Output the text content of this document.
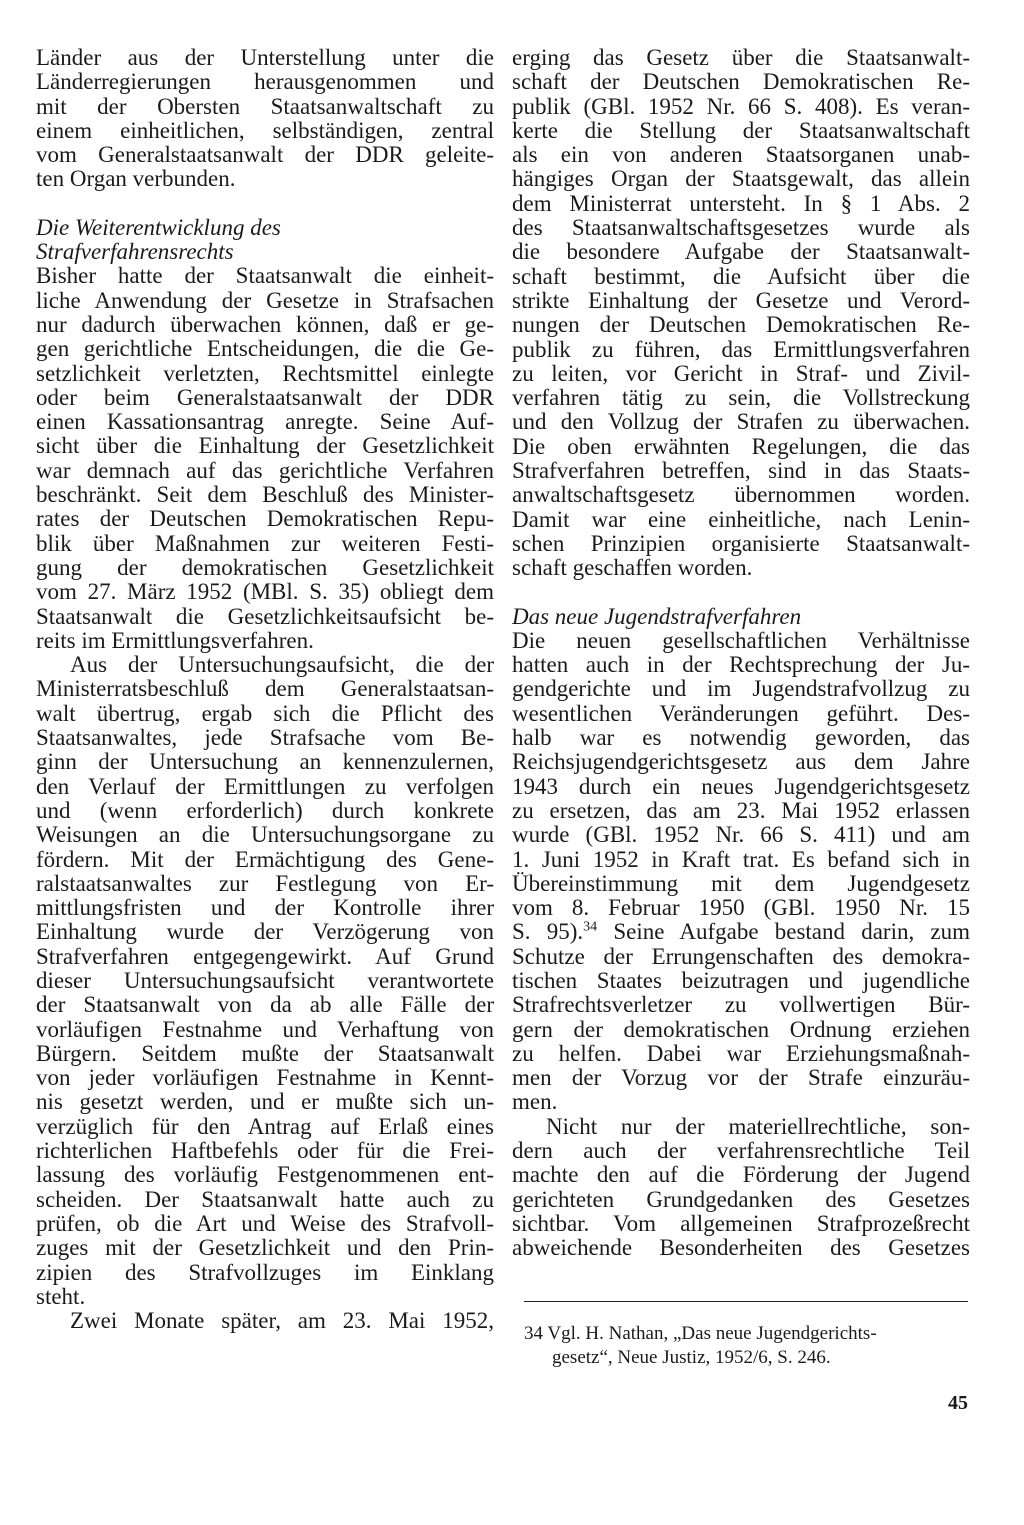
Länder aus der Unterstellung unter die
Länderregierungen herausgenommen und
mit der Obersten Staatsanwaltschaft zu
einem einheitlichen, selbständigen, zentral
vom Generalstaatsanwalt der DDR geleite-
ten Organ verbunden.
Die Weiterentwicklung des
Strafverfahrensrechts
Bisher hatte der Staatsanwalt die einheit-
liche Anwendung der Gesetze in Strafsachen
nur dadurch überwachen können, daß er ge-
gen gerichtliche Entscheidungen, die die Ge-
setzlichkeit verletzten, Rechtsmittel einlegte
oder beim Generalstaatsanwalt der DDR
einen Kassationsantrag anregte. Seine Auf-
sicht über die Einhaltung der Gesetzlichkeit
war demnach auf das gerichtliche Verfahren
beschränkt. Seit dem Beschluß des Minister-
rates der Deutschen Demokratischen Repu-
blik über Maßnahmen zur weiteren Festi-
gung der demokratischen Gesetzlichkeit
vom 27. März 1952 (MBl. S. 35) obliegt dem
Staatsanwalt die Gesetzlichkeitsaufsicht be-
reits im Ermittlungsverfahren.
Aus der Untersuchungsaufsicht, die der
Ministerratsbeschluß dem Generalstaatsan-
walt übertrug, ergab sich die Pflicht des
Staatsanwaltes, jede Strafsache vom Be-
ginn der Untersuchung an kennenzulernen,
den Verlauf der Ermittlungen zu verfolgen
und (wenn erforderlich) durch konkrete
Weisungen an die Untersuchungsorgane zu
fördern. Mit der Ermächtigung des Gene-
ralstaatsanwaltes zur Festlegung von Er-
mittlungsfristen und der Kontrolle ihrer
Einhaltung wurde der Verzögerung von
Strafverfahren entgegengewirkt. Auf Grund
dieser Untersuchungsaufsicht verantwortete
der Staatsanwalt von da ab alle Fälle der
vorläufigen Festnahme und Verhaftung von
Bürgern. Seitdem mußte der Staatsanwalt
von jeder vorläufigen Festnahme in Kennt-
nis gesetzt werden, und er mußte sich un-
verzüglich für den Antrag auf Erlaß eines
richterlichen Haftbefehls oder für die Frei-
lassung des vorläufig Festgenommenen ent-
scheiden. Der Staatsanwalt hatte auch zu
prüfen, ob die Art und Weise des Strafvoll-
zuges mit der Gesetzlichkeit und den Prin-
zipien des Strafvollzuges im Einklang
steht.
Zwei Monate später, am 23. Mai 1952,
erging das Gesetz über die Staatsanwalt-
schaft der Deutschen Demokratischen Re-
publik (GBl. 1952 Nr. 66 S. 408). Es veran-
kerte die Stellung der Staatsanwaltschaft
als ein von anderen Staatsorganen unab-
hängiges Organ der Staatsgewalt, das allein
dem Ministerrat untersteht. In § 1 Abs. 2
des Staatsanwaltschaftsgesetzes wurde als
die besondere Aufgabe der Staatsanwalt-
schaft bestimmt, die Aufsicht über die
strikte Einhaltung der Gesetze und Verord-
nungen der Deutschen Demokratischen Re-
publik zu führen, das Ermittlungsverfahren
zu leiten, vor Gericht in Straf- und Zivil-
verfahren tätig zu sein, die Vollstreckung
und den Vollzug der Strafen zu überwachen.
Die oben erwähnten Regelungen, die das
Strafverfahren betreffen, sind in das Staats-
anwaltschaftsgesetz übernommen worden.
Damit war eine einheitliche, nach Lenin-
schen Prinzipien organisierte Staatsanwalt-
schaft geschaffen worden.
Das neue Jugendstrafverfahren
Die neuen gesellschaftlichen Verhältnisse
hatten auch in der Rechtsprechung der Ju-
gendgerichte und im Jugendstrafvollzug zu
wesentlichen Veränderungen geführt. Des-
halb war es notwendig geworden, das
Reichsjugendgerichtsgesetz aus dem Jahre
1943 durch ein neues Jugendgerichtsgesetz
zu ersetzen, das am 23. Mai 1952 erlassen
wurde (GBl. 1952 Nr. 66 S. 411) und am
1. Juni 1952 in Kraft trat. Es befand sich in
Übereinstimmung mit dem Jugendgesetz
vom 8. Februar 1950 (GBl. 1950 Nr. 15
S. 95).$^{34}$ Seine Aufgabe bestand darin, zum
Schutze der Errungenschaften des demokra-
tischen Staates beizutragen und jugendliche
Strafrechtsverletzer zu vollwertigen Bür-
gern der demokratischen Ordnung erziehen
zu helfen. Dabei war Erziehungsmaßnah-
men der Vorzug vor der Strafe einzuräu-
men.
Nicht nur der materiellrechtliche, son-
dern auch der verfahrensrechtliche Teil
machte den auf die Förderung der Jugend
gerichteten Grundgedanken des Gesetzes
sichtbar. Vom allgemeinen Strafprozeßrecht
abweichende Besonderheiten des Gesetzes
34 Vgl. H. Nathan, „Das neue Jugendgerichts-
gesetz“, Neue Justiz, 1952/6, S. 246.
45
